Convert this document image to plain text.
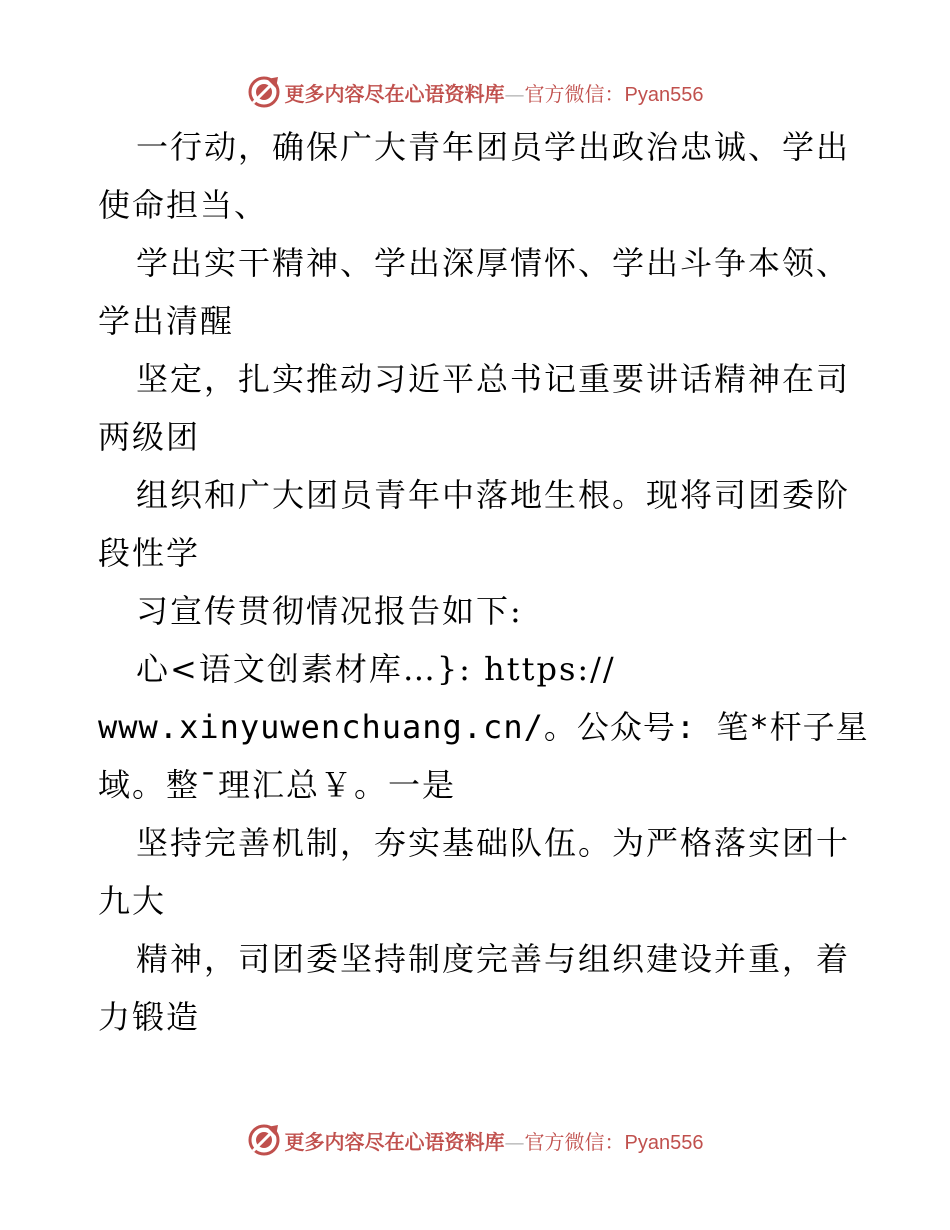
更多内容尽在心语资料库—官方微信：Pyan556
一行动，确保广大青年团员学出政治忠诚、学出
使命担当、
学出实干精神、学出深厚情怀、学出斗争本领、
学出清醒
坚定，扎实推动习近平总书记重要讲话精神在司
两级团
组织和广大团员青年中落地生根。现将司团委阶
段性学
习宣传贯彻情况报告如下:
心<语文创素材库…}: https://
www.xinyuwenchuang.cn/。公众号: 笔*杆子星
域。整¯理汇总￥。一是
坚持完善机制，夯实基础队伍。为严格落实团十
九大
精神，司团委坚持制度完善与组织建设并重，着
力锻造
更多内容尽在心语资料库—官方微信：Pyan556
